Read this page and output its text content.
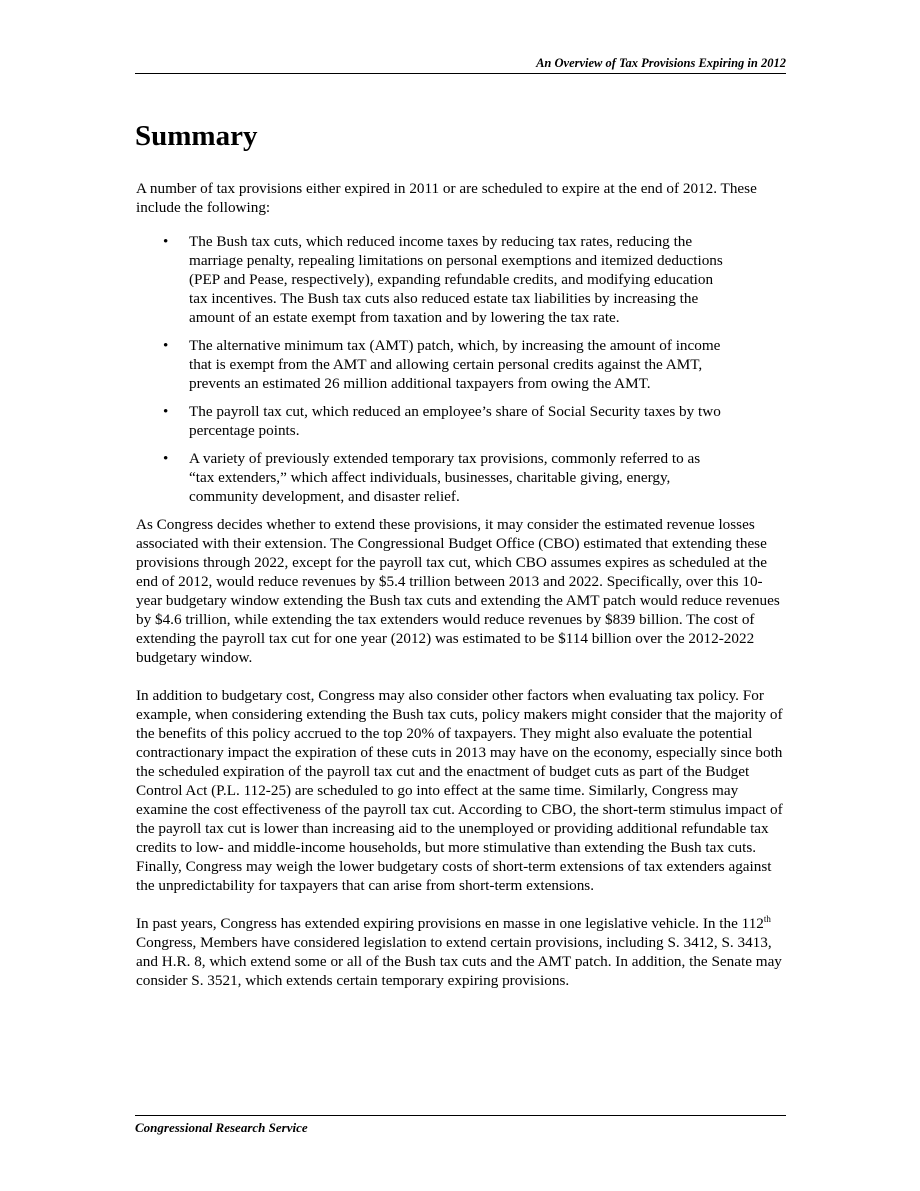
An Overview of Tax Provisions Expiring in 2012
Summary

A number of tax provisions either expired in 2011 or are scheduled to expire at the end of 2012. These include the following:

• The Bush tax cuts, which reduced income taxes by reducing tax rates, reducing the marriage penalty, repealing limitations on personal exemptions and itemized deductions (PEP and Pease, respectively), expanding refundable credits, and modifying education tax incentives. The Bush tax cuts also reduced estate tax liabilities by increasing the amount of an estate exempt from taxation and by lowering the tax rate.
• The alternative minimum tax (AMT) patch, which, by increasing the amount of income that is exempt from the AMT and allowing certain personal credits against the AMT, prevents an estimated 26 million additional taxpayers from owing the AMT.
• The payroll tax cut, which reduced an employee’s share of Social Security taxes by two percentage points.
• A variety of previously extended temporary tax provisions, commonly referred to as “tax extenders,” which affect individuals, businesses, charitable giving, energy, community development, and disaster relief.

As Congress decides whether to extend these provisions, it may consider the estimated revenue losses associated with their extension. The Congressional Budget Office (CBO) estimated that extending these provisions through 2022, except for the payroll tax cut, which CBO assumes expires as scheduled at the end of 2012, would reduce revenues by $5.4 trillion between 2013 and 2022. Specifically, over this 10-year budgetary window extending the Bush tax cuts and extending the AMT patch would reduce revenues by $4.6 trillion, while extending the tax extenders would reduce revenues by $839 billion. The cost of extending the payroll tax cut for one year (2012) was estimated to be $114 billion over the 2012-2022 budgetary window.

In addition to budgetary cost, Congress may also consider other factors when evaluating tax policy. For example, when considering extending the Bush tax cuts, policy makers might consider that the majority of the benefits of this policy accrued to the top 20% of taxpayers. They might also evaluate the potential contractionary impact the expiration of these cuts in 2013 may have on the economy, especially since both the scheduled expiration of the payroll tax cut and the enactment of budget cuts as part of the Budget Control Act (P.L. 112-25) are scheduled to go into effect at the same time. Similarly, Congress may examine the cost effectiveness of the payroll tax cut. According to CBO, the short-term stimulus impact of the payroll tax cut is lower than increasing aid to the unemployed or providing additional refundable tax credits to low- and middle-income households, but more stimulative than extending the Bush tax cuts. Finally, Congress may weigh the lower budgetary costs of short-term extensions of tax extenders against the unpredictability for taxpayers that can arise from short-term extensions.

In past years, Congress has extended expiring provisions en masse in one legislative vehicle. In the 112th Congress, Members have considered legislation to extend certain provisions, including S. 3412, S. 3413, and H.R. 8, which extend some or all of the Bush tax cuts and the AMT patch. In addition, the Senate may consider S. 3521, which extends certain temporary expiring provisions.

Congressional Research Service
